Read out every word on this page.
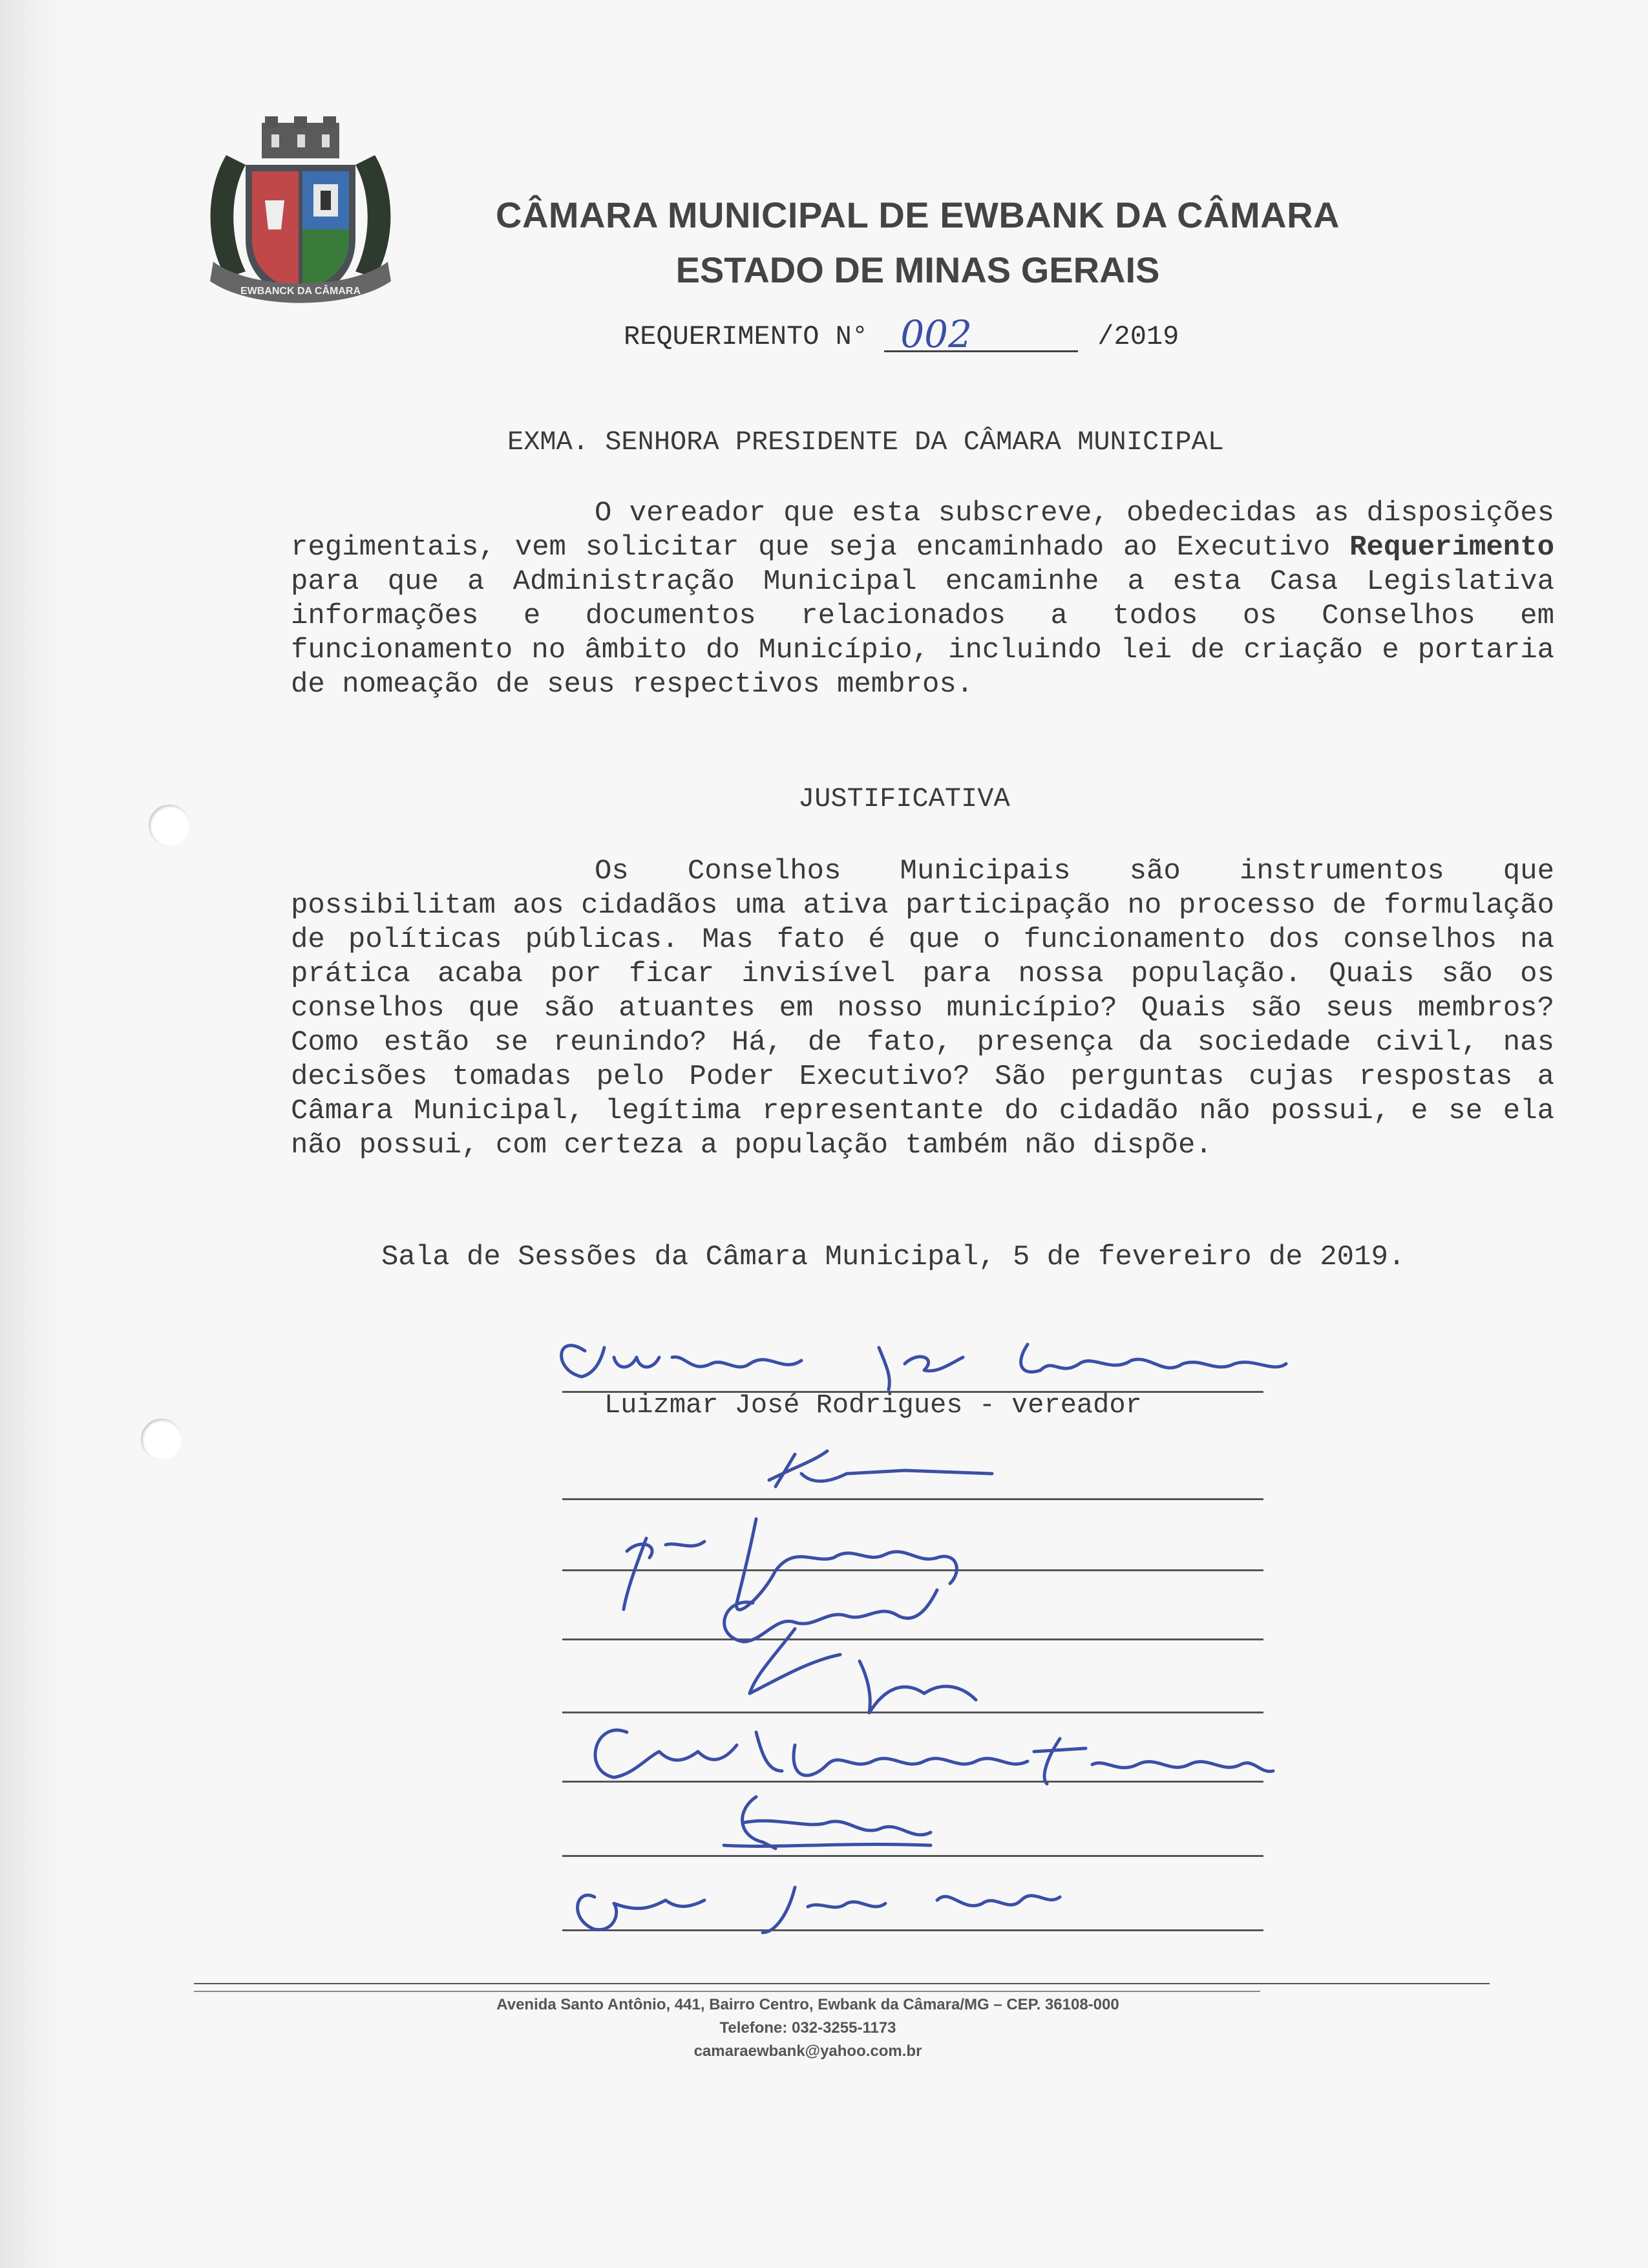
EWBANCK DA CÂMARA
CÂMARA MUNICIPAL DE EWBANK DA CÂMARA
ESTADO DE MINAS GERAIS
REQUERIMENTO N° 002	/2019
EXMA. SENHORA PRESIDENTE DA CÂMARA MUNICIPAL

O vereador que esta subscreve, obedecidas as disposições regimentais, vem solicitar que seja encaminhado ao Executivo Requerimento para que a Administração Municipal encaminhe a esta Casa Legislativa informações e documentos relacionados a todos os Conselhos em funcionamento no âmbito do Município, incluindo lei de criação e portaria de nomeação de seus respectivos membros.

JUSTIFICATIVA

Os Conselhos Municipais são instrumentos que possibilitam aos cidadãos uma ativa participação no processo de formulação de políticas públicas. Mas fato é que o funcionamento dos conselhos na prática acaba por ficar invisível para nossa população. Quais são os conselhos que são atuantes em nosso município? Quais são seus membros? Como estão se reunindo? Há, de fato, presença da sociedade civil, nas decisões tomadas pelo Poder Executivo? São perguntas cujas respostas a Câmara Municipal, legítima representante do cidadão não possui, e se ela não possui, com certeza a população também não dispõe.

Sala de Sessões da Câmara Municipal, 5 de fevereiro de 2019.
Luizmar José Rodrigues - vereador
Avenida Santo Antônio, 441, Bairro Centro, Ewbank da Câmara/MG – CEP. 36108-000
Telefone: 032-3255-1173
camaraewbank@yahoo.com.br
